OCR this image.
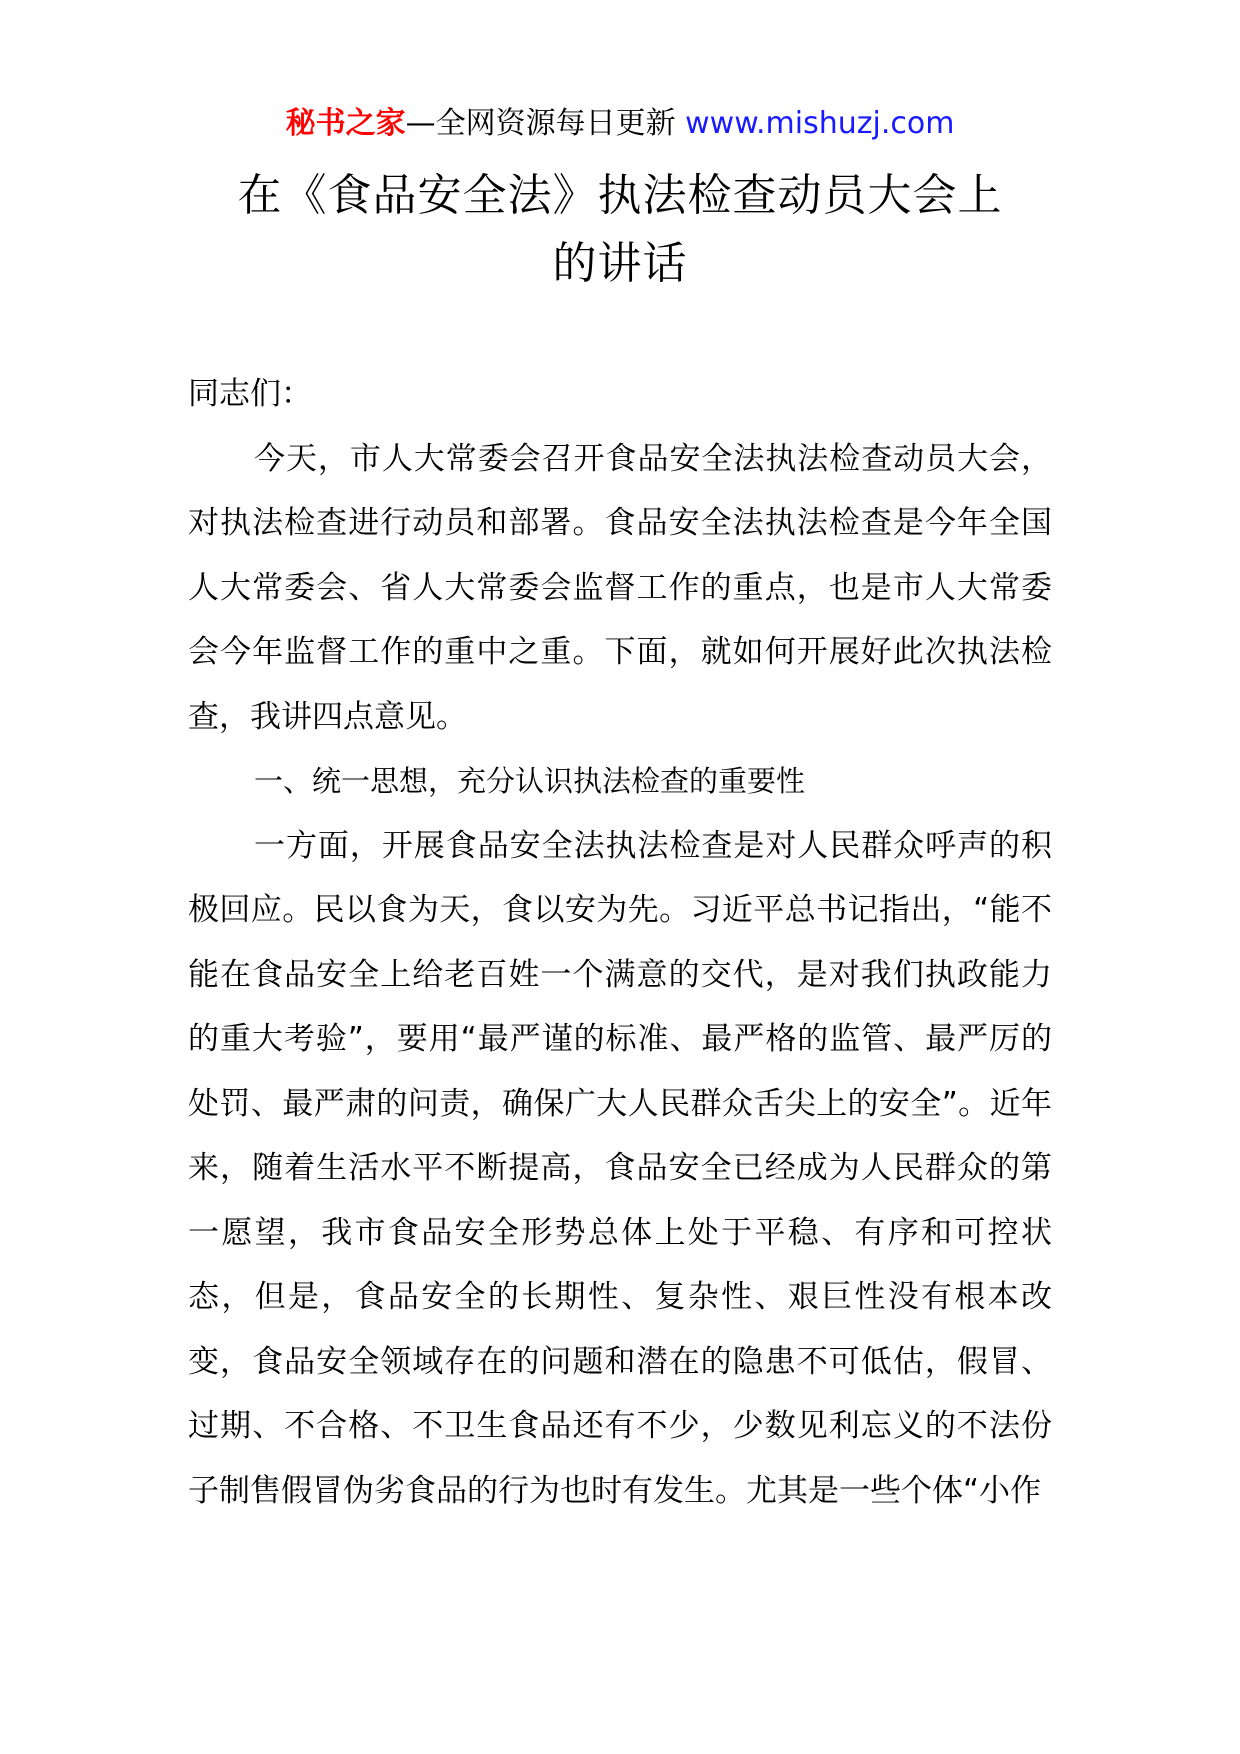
秘书之家—全网资源每日更新 www.mishuzj.com
在《食品安全法》执法检查动员大会上
的讲话

同志们：

今天，市人大常委会召开食品安全法执法检查动员大会，对执法检查进行动员和部署。食品安全法执法检查是今年全国人大常委会、省人大常委会监督工作的重点，也是市人大常委会今年监督工作的重中之重。下面，就如何开展好此次执法检查，我讲四点意见。

一、统一思想，充分认识执法检查的重要性

一方面，开展食品安全法执法检查是对人民群众呼声的积极回应。民以食为天，食以安为先。习近平总书记指出，“能不能在食品安全上给老百姓一个满意的交代，是对我们执政能力的重大考验”，要用“最严谨的标准、最严格的监管、最严厉的处罚、最严肃的问责，确保广大人民群众舌尖上的安全”。近年来，随着生活水平不断提高，食品安全已经成为人民群众的第一愿望，我市食品安全形势总体上处于平稳、有序和可控状态，但是，食品安全的长期性、复杂性、艰巨性没有根本改变，食品安全领域存在的问题和潜在的隐患不可低估，假冒、过期、不合格、不卫生食品还有不少，少数见利忘义的不法份子制售假冒伪劣食品的行为也时有发生。尤其是一些个体“小作
